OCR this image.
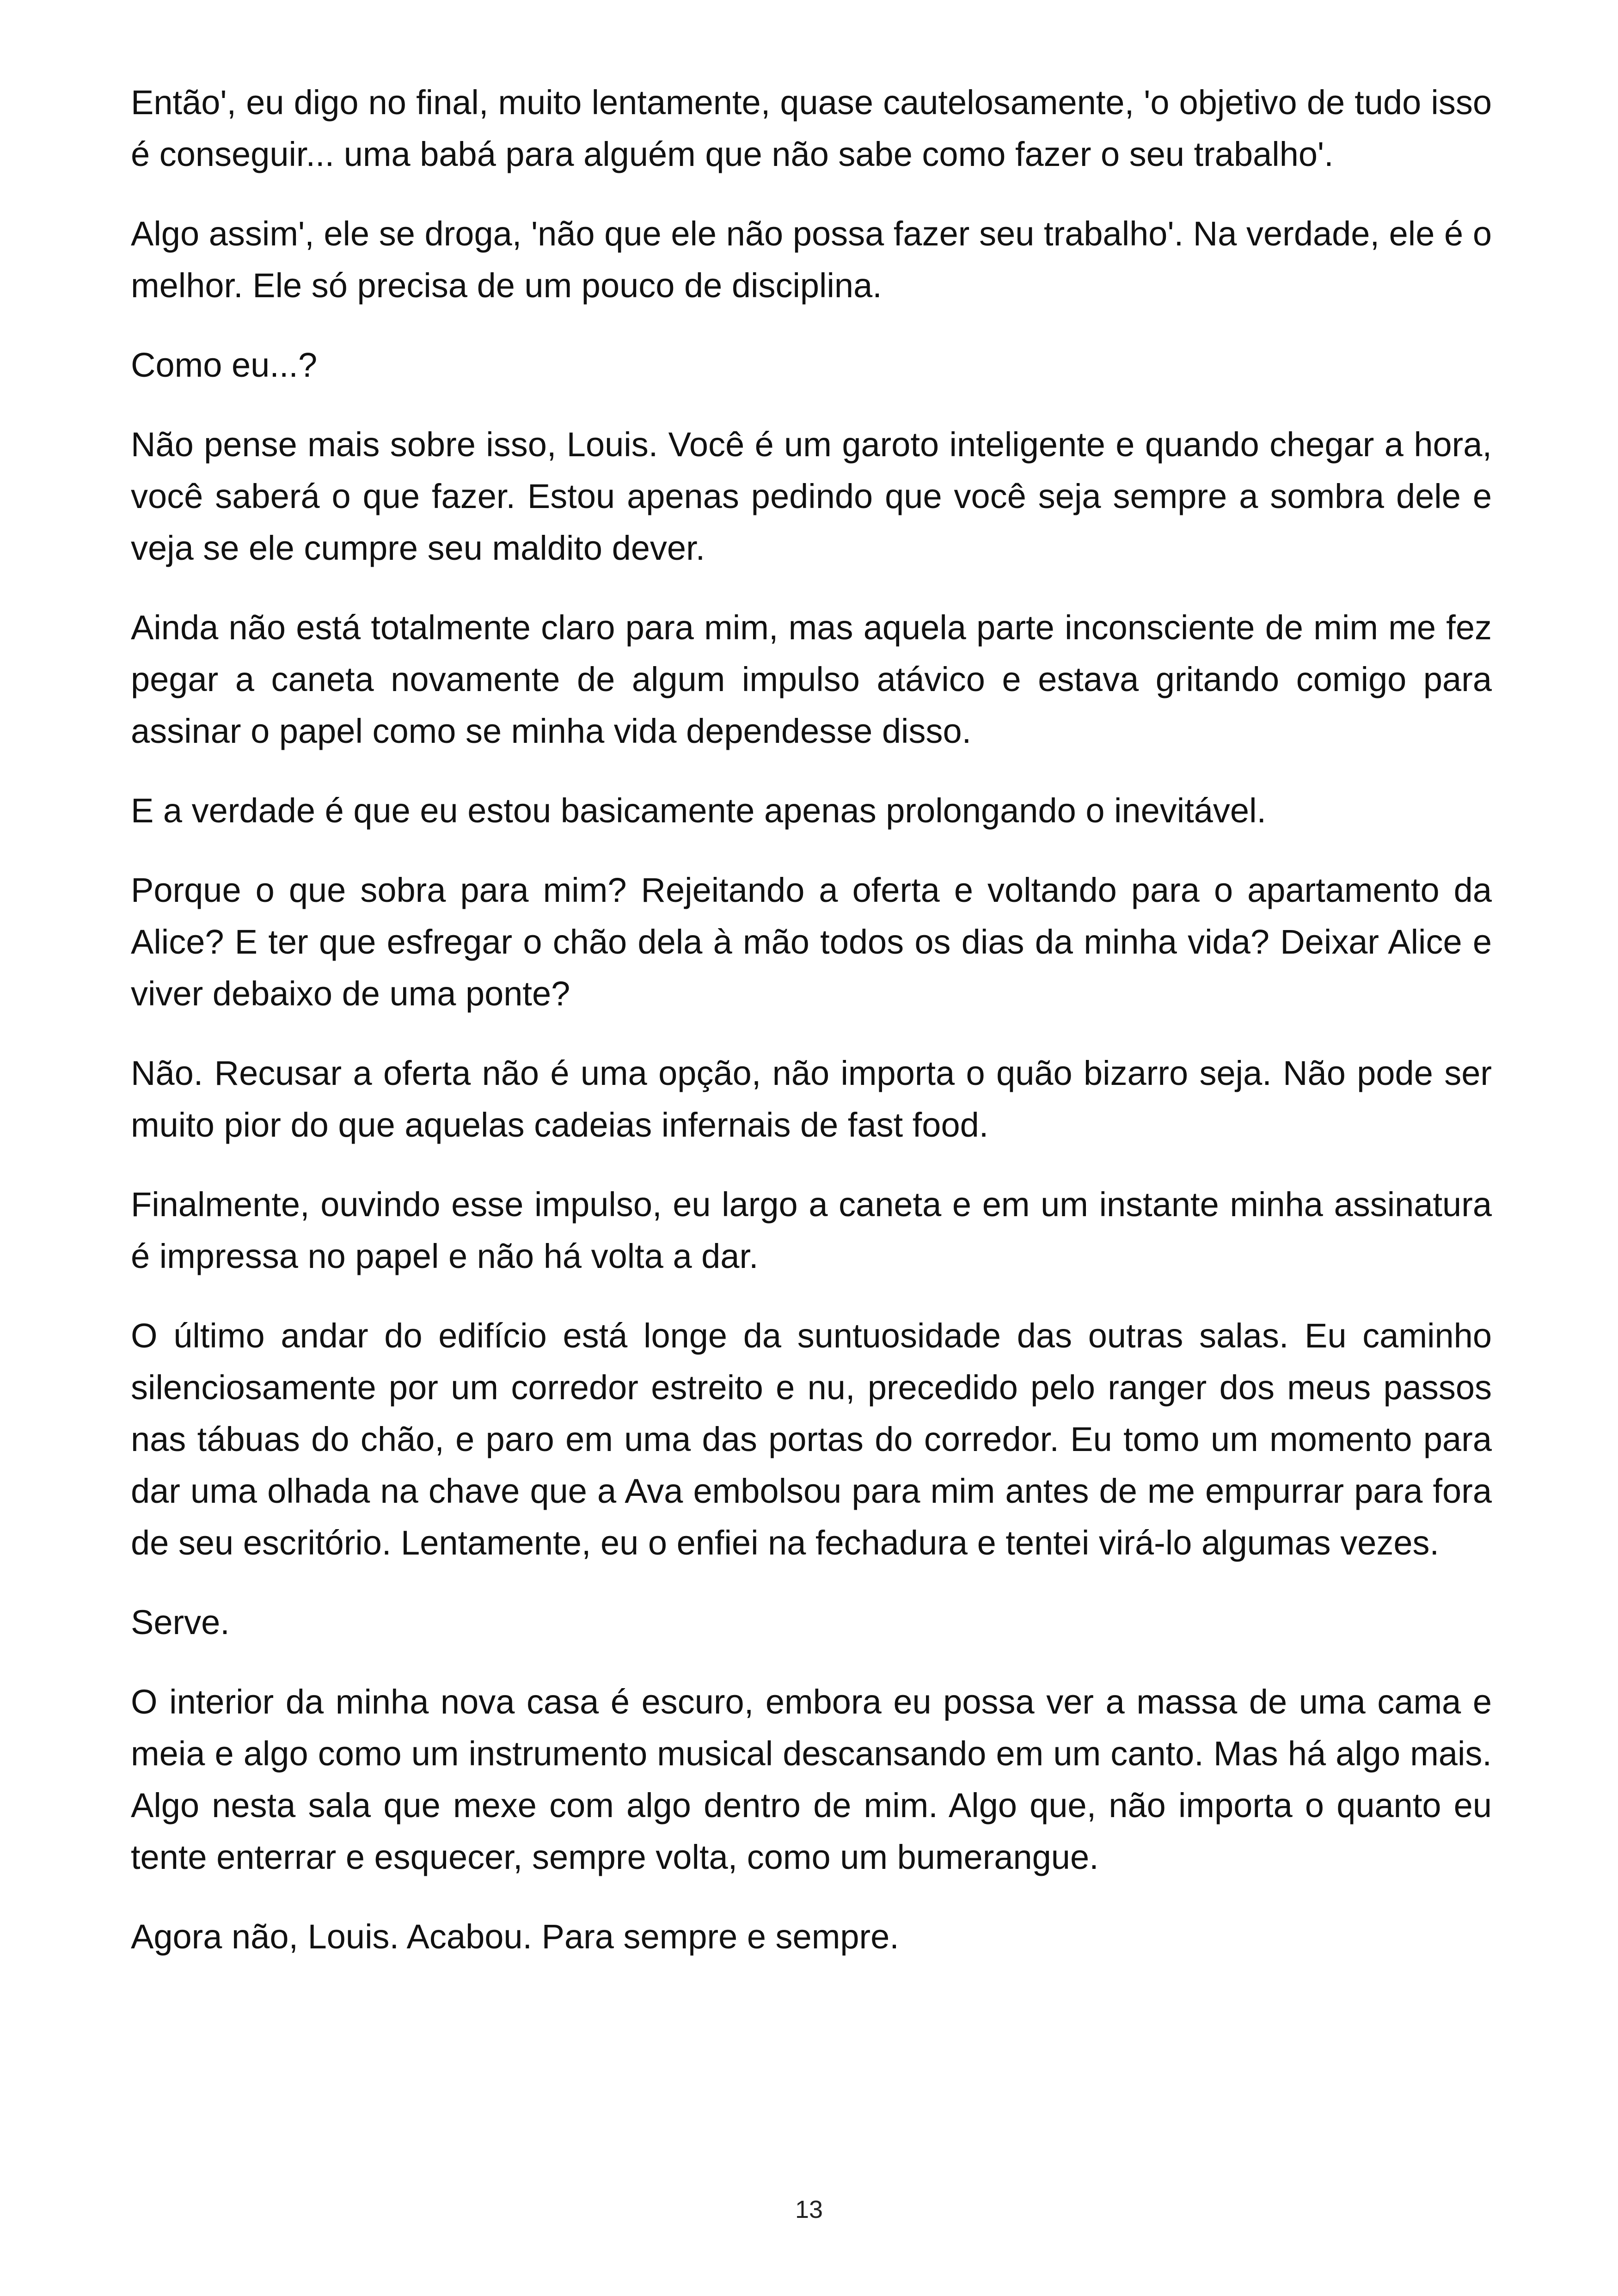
Então', eu digo no final, muito lentamente, quase cautelosamente, 'o objetivo de tudo isso é conseguir... uma babá para alguém que não sabe como fazer o seu trabalho'.

Algo assim', ele se droga, 'não que ele não possa fazer seu trabalho'. Na verdade, ele é o melhor. Ele só precisa de um pouco de disciplina.

Como eu...?

Não pense mais sobre isso, Louis. Você é um garoto inteligente e quando chegar a hora, você saberá o que fazer. Estou apenas pedindo que você seja sempre a sombra dele e veja se ele cumpre seu maldito dever.

Ainda não está totalmente claro para mim, mas aquela parte inconsciente de mim me fez pegar a caneta novamente de algum impulso atávico e estava gritando comigo para assinar o papel como se minha vida dependesse disso.

E a verdade é que eu estou basicamente apenas prolongando o inevitável.

Porque o que sobra para mim? Rejeitando a oferta e voltando para o apartamento da Alice? E ter que esfregar o chão dela à mão todos os dias da minha vida? Deixar Alice e viver debaixo de uma ponte?

Não. Recusar a oferta não é uma opção, não importa o quão bizarro seja. Não pode ser muito pior do que aquelas cadeias infernais de fast food.

Finalmente, ouvindo esse impulso, eu largo a caneta e em um instante minha assinatura é impressa no papel e não há volta a dar.

O último andar do edifício está longe da suntuosidade das outras salas. Eu caminho silenciosamente por um corredor estreito e nu, precedido pelo ranger dos meus passos nas tábuas do chão, e paro em uma das portas do corredor. Eu tomo um momento para dar uma olhada na chave que a Ava embolsou para mim antes de me empurrar para fora de seu escritório. Lentamente, eu o enfiei na fechadura e tentei virá-lo algumas vezes.

Serve.

O interior da minha nova casa é escuro, embora eu possa ver a massa de uma cama e meia e algo como um instrumento musical descansando em um canto. Mas há algo mais. Algo nesta sala que mexe com algo dentro de mim. Algo que, não importa o quanto eu tente enterrar e esquecer, sempre volta, como um bumerangue.

Agora não, Louis. Acabou. Para sempre e sempre.

13
